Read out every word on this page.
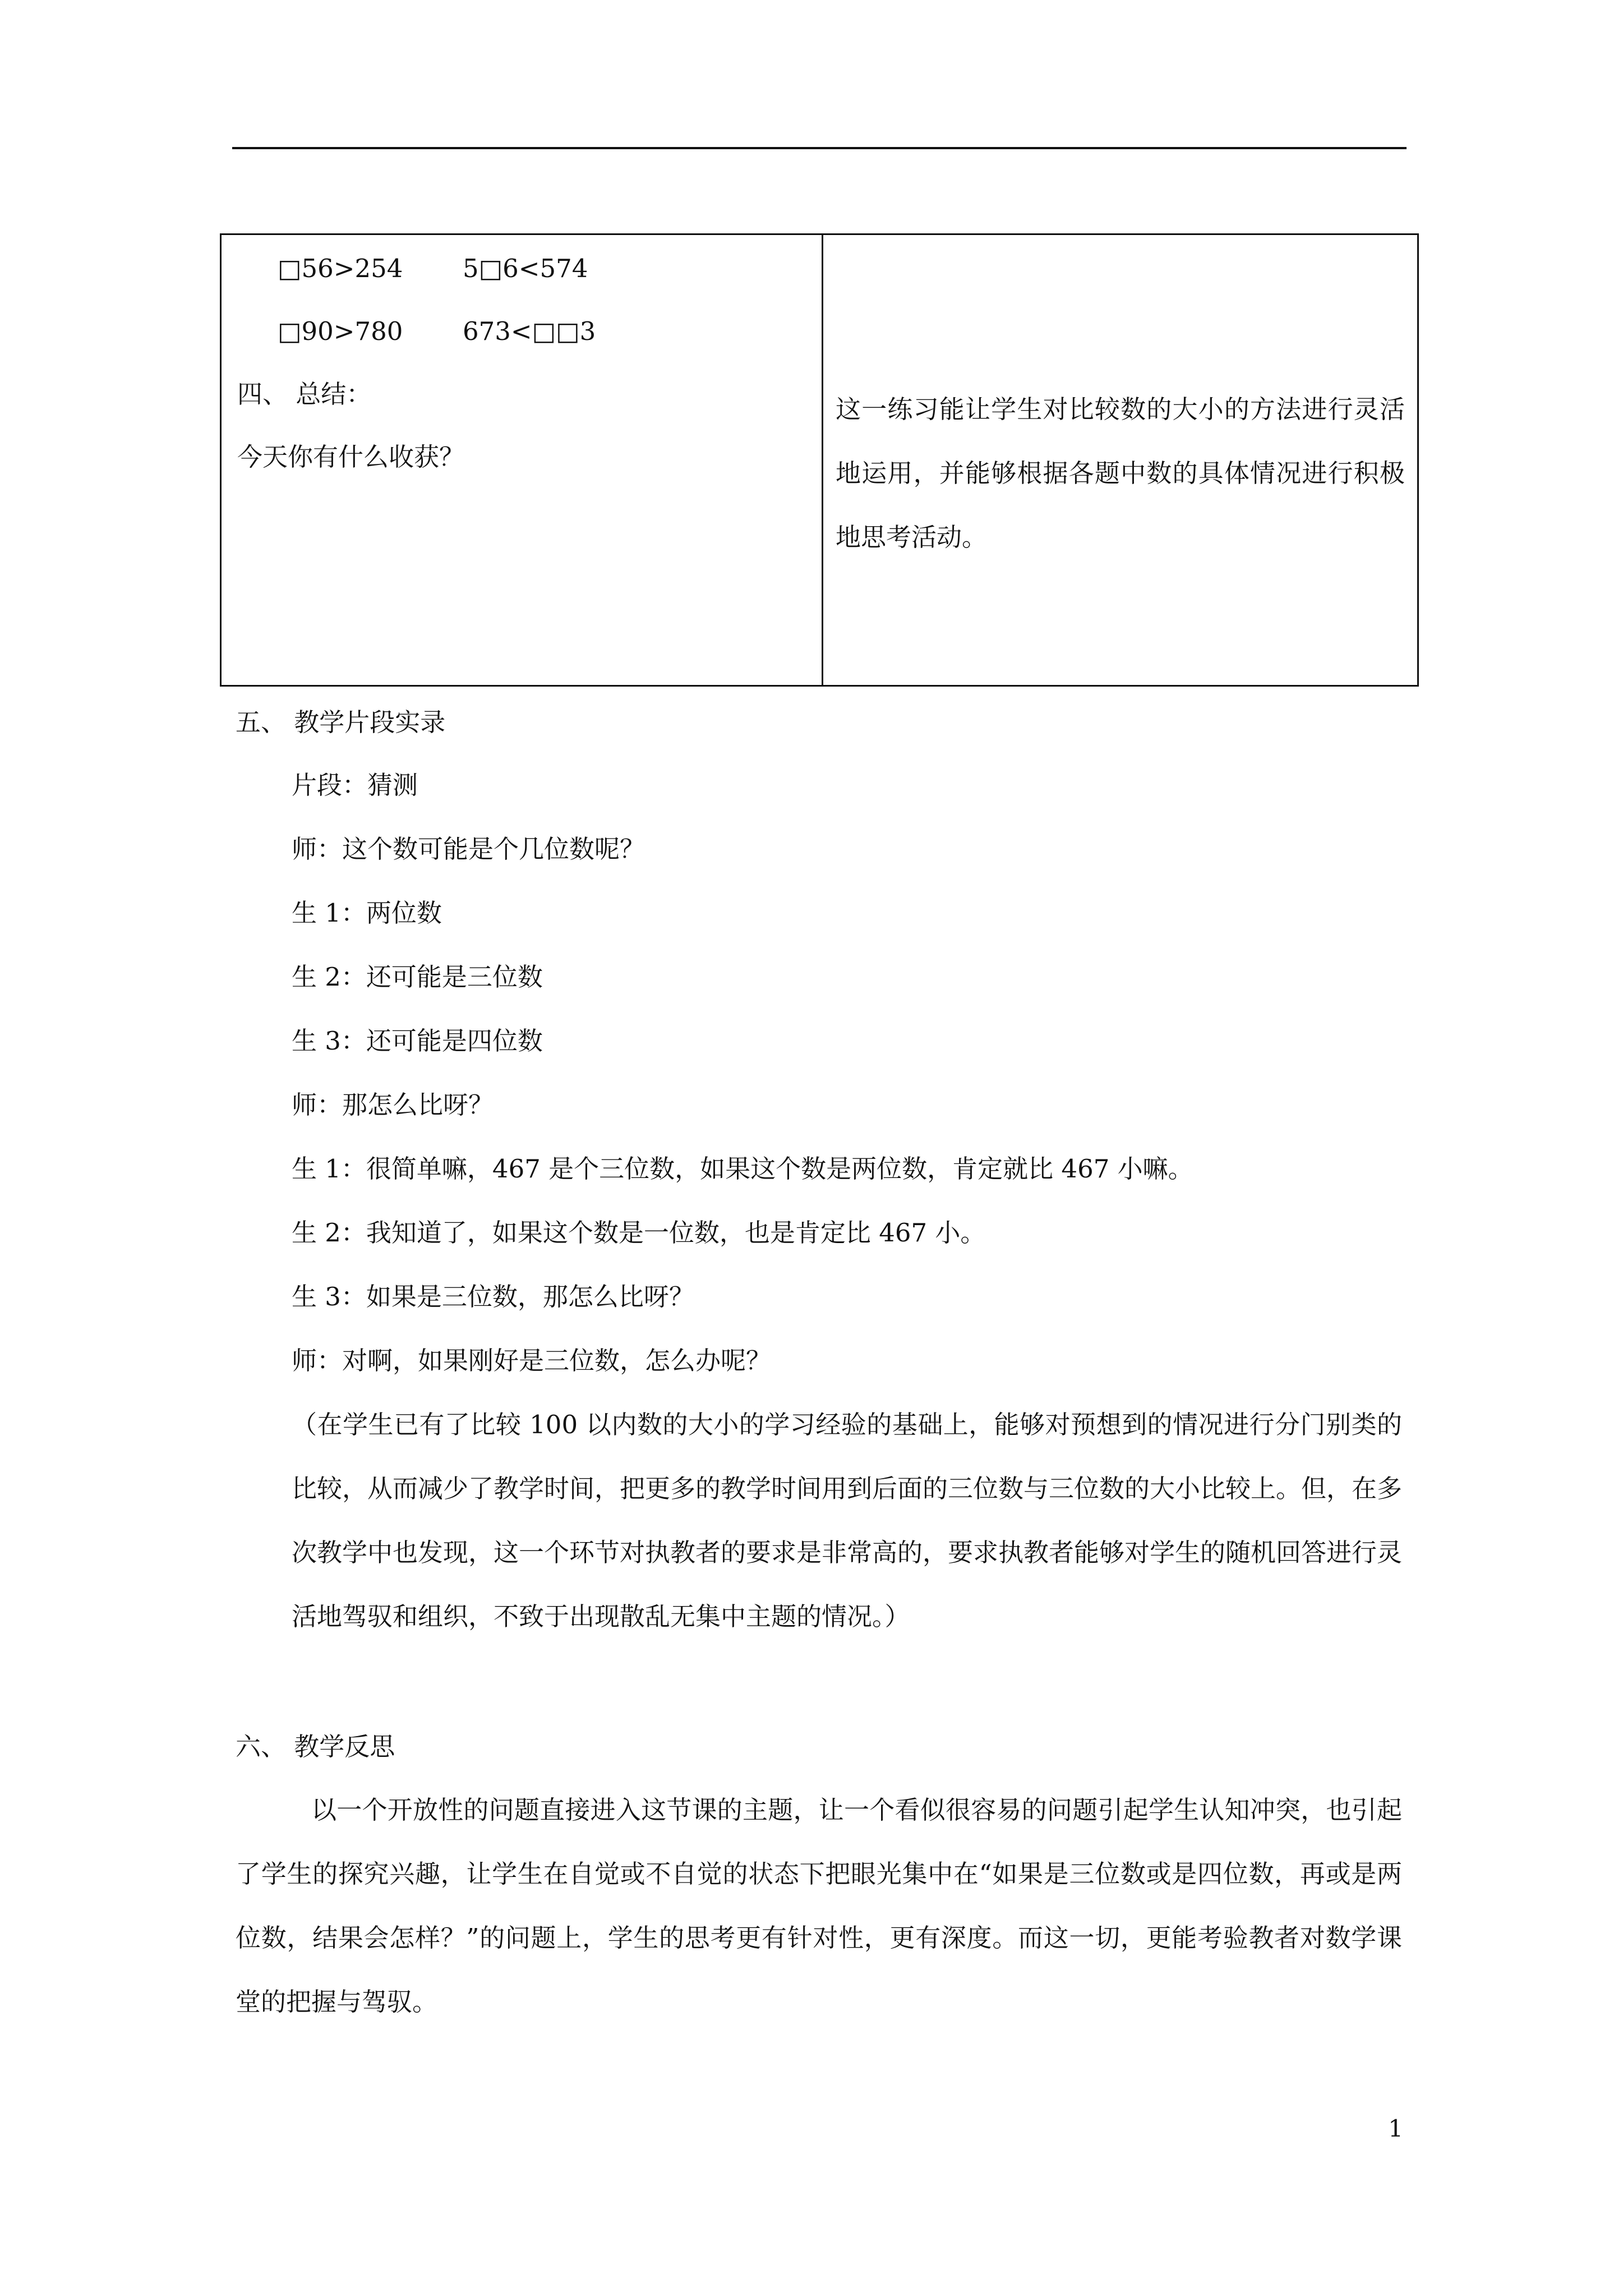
□56>254 5□6<574
□90>780 673<□□3
四、 总结：
今天你有什么收获？
这一练习能让学生对比较数的大小的方法进行灵活地运用，并能够根据各题中数的具体情况进行积极地思考活动。
五、 教学片段实录
片段：猜测
师：这个数可能是个几位数呢？
生 1：两位数
生 2：还可能是三位数
生 3：还可能是四位数
师：那怎么比呀？
生 1：很简单嘛，467 是个三位数，如果这个数是两位数，肯定就比 467 小嘛。
生 2：我知道了，如果这个数是一位数，也是肯定比 467 小。
生 3：如果是三位数，那怎么比呀？
师：对啊，如果刚好是三位数，怎么办呢？
（在学生已有了比较 100 以内数的大小的学习经验的基础上，能够对预想到的情况进行分门别类的比较，从而减少了教学时间，把更多的教学时间用到后面的三位数与三位数的大小比较上。但，在多次教学中也发现，这一个环节对执教者的要求是非常高的，要求执教者能够对学生的随机回答进行灵活地驾驭和组织，不致于出现散乱无集中主题的情况。）
六、 教学反思
以一个开放性的问题直接进入这节课的主题，让一个看似很容易的问题引起学生认知冲突，也引起了学生的探究兴趣，让学生在自觉或不自觉的状态下把眼光集中在“如果是三位数或是四位数，再或是两位数，结果会怎样？”的问题上，学生的思考更有针对性，更有深度。而这一切，更能考验教者对数学课堂的把握与驾驭。
1
